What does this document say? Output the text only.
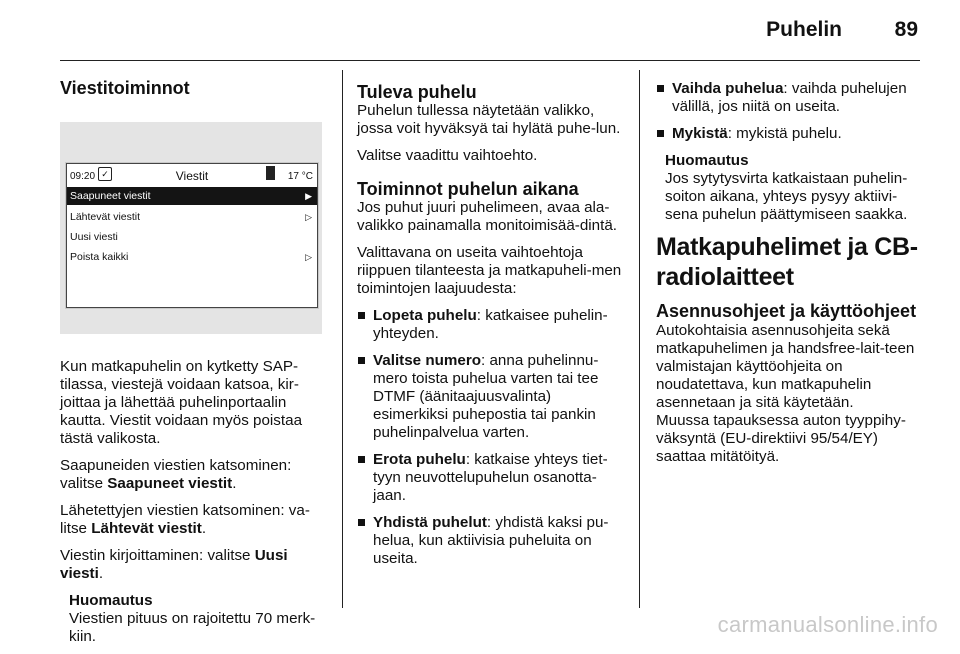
Puhelin	89
Viestitoiminnot
09:20 ✓	Viestit	17 °C
Saapuneet viestit	▶
Lähtevät viestit	▷
Uusi viesti
Poista kaikki	▷

Kun matkapuhelin on kytketty SAP-tilassa, viestejä voidaan katsoa, kir-joittaa ja lähettää puhelinportaalin kautta. Viestit voidaan myös poistaa tästä valikosta.

Saapuneiden viestien katsominen: valitse Saapuneet viestit.

Lähetettyjen viestien katsominen: va-litse Lähtevät viestit.

Viestin kirjoittaminen: valitse Uusi viesti.

Huomautus
Viestien pituus on rajoitettu 70 merk-kiin.
Tuleva puhelu

Puhelun tullessa näytetään valikko, jossa voit hyväksyä tai hylätä puhe-lun.

Valitse vaadittu vaihtoehto.

Toiminnot puhelun aikana

Jos puhut juuri puhelimeen, avaa ala-valikko painamalla monitoimisää-dintä.

Valittavana on useita vaihtoehtoja riippuen tilanteesta ja matkapuheli-men toimintojen laajuudesta:

Lopeta puhelu: katkaisee puhelin-yhteyden.
Valitse numero: anna puhelinnu-mero toista puhelua varten tai tee DTMF (äänitaajuusvalinta) esimerkiksi puhepostia tai pankin puhelinpalvelua varten.
Erota puhelu: katkaise yhteys tiet-tyyn neuvottelupuhelun osanotta-jaan.
Yhdistä puhelut: yhdistä kaksi pu-helua, kun aktiivisia puheluita on useita.
Vaihda puhelua: vaihda puhelujen välillä, jos niitä on useita.
Mykistä: mykistä puhelu.
Huomautus
Jos sytytysvirta katkaistaan puhelin-soiton aikana, yhteys pysyy aktiivi-sena puhelun päättymiseen saakka.
Matkapuhelimet ja CB-radiolaitteet
Asennusohjeet ja käyttöohjeet

Autokohtaisia asennusohjeita sekä matkapuhelimen ja handsfree-lait-teen valmistajan käyttöohjeita on noudatettava, kun matkapuhelin asennetaan ja sitä käytetään.

Muussa tapauksessa auton tyyppihy-väksyntä (EU-direktiivi 95/54/EY) saattaa mitätöityä.

carmanualsonline.info
